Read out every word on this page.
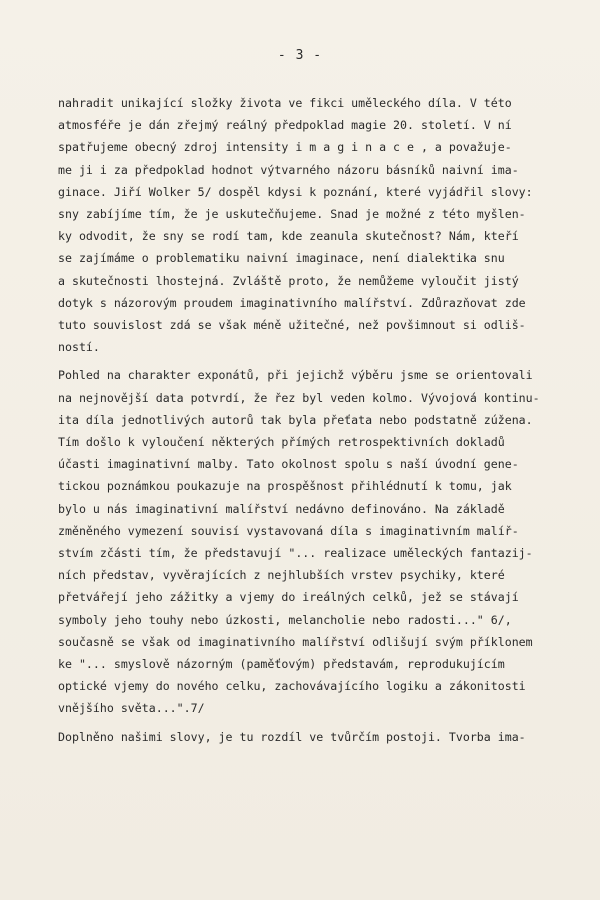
- 3 -
nahradit unikající složky života ve fikci uměleckého díla. V této
atmosféře je dán zřejmý reálný předpoklad magie 20. století. V ní
spatřujeme obecný zdroj intensity i m a g i n a c e , a považuje-
me ji i za předpoklad hodnot výtvarného názoru básníků naivní ima-
ginace. Jiří Wolker 5/ dospěl kdysi k poznání, které vyjádřil slovy:
sny zabíjíme tím, že je uskutečňujeme. Snad je možné z této myšlen-
ky odvodit, že sny se rodí tam, kde zeanula skutečnost? Nám, kteří
se zajímáme o problematiku naivní imaginace, není dialektika snu
a skutečnosti lhostejná. Zvláště proto, že nemůžeme vyloučit jistý
dotyk s názorovým proudem imaginativního malířství. Zdůrazňovat zde
tuto souvislost zdá se však méně užitečné, než povšimnout si odliš-
ností.
Pohled na charakter exponátů, při jejichž výběru jsme se orientovali
na nejnovější data potvrdí, že řez byl veden kolmo. Vývojová kontinu-
ita díla jednotlivých autorů tak byla přeťata nebo podstatně zúžena.
Tím došlo k vyloučení některých přímých retrospektivních dokladů
účasti imaginativní malby. Tato okolnost spolu s naší úvodní gene-
tickou poznámkou poukazuje na prospěšnost přihlédnutí k tomu, jak
bylo u nás imaginativní malířství nedávno definováno. Na základě
změněného vymezení souvisí vystavovaná díla s imaginativním malíř-
stvím zčásti tím, že představují "... realizace uměleckých fantazij-
ních představ, vyvěrajících z nejhlubších vrstev psychiky, které
přetvářejí jeho zážitky a vjemy do ireálných celků, jež se stávají
symboly jeho touhy nebo úzkosti, melancholie nebo radosti..." 6/,
současně se však od imaginativního malířství odlišují svým příklonem
ke "... smyslově názorným (paměťovým) představám, reprodukujícím
optické vjemy do nového celku, zachovávajícího logiku a zákonitosti
vnějšího světa...".7/
Doplněno našimi slovy, je tu rozdíl ve tvůrčím postoji. Tvorba ima-
